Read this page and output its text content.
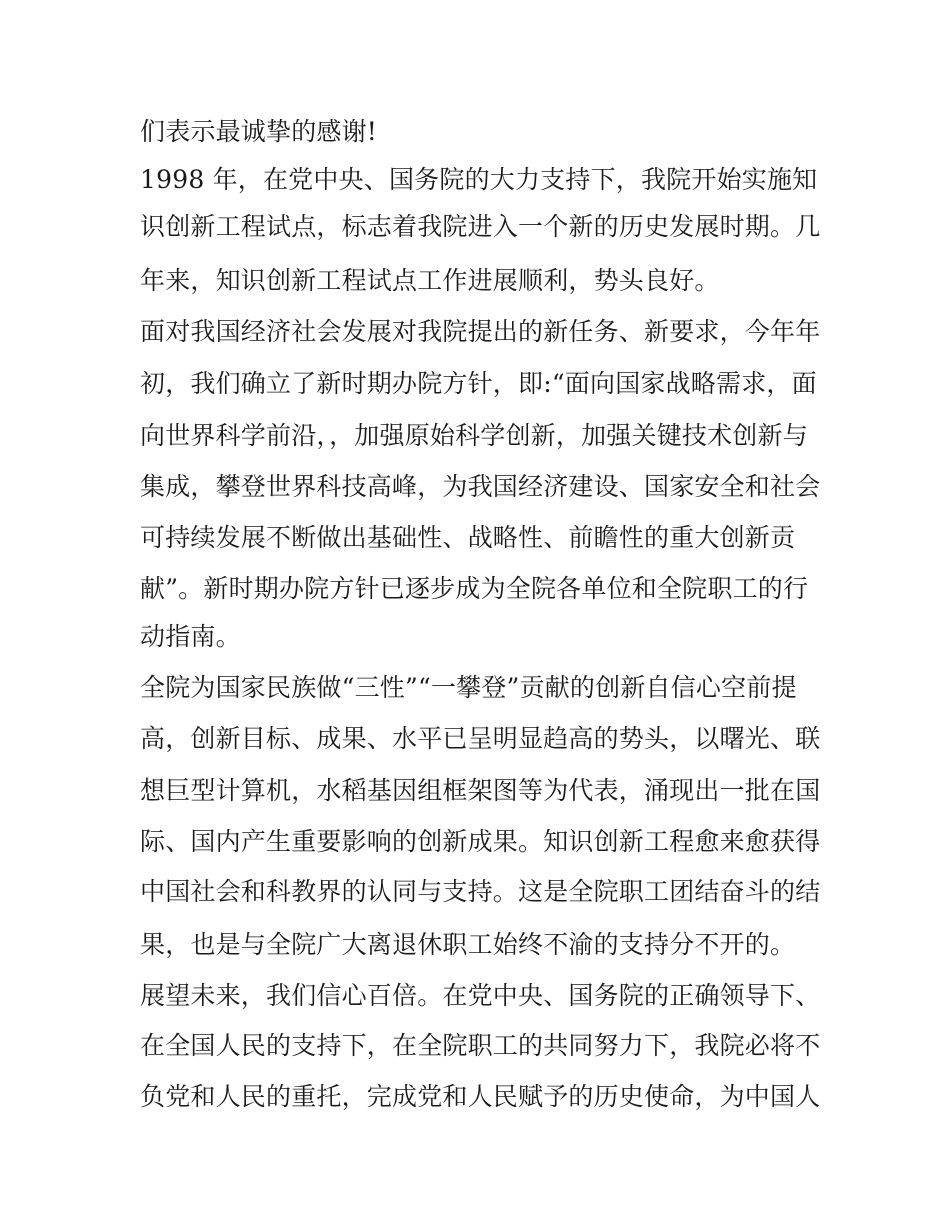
们表示最诚挚的感谢!
1998 年，在党中央、国务院的大力支持下，我院开始实施知
识创新工程试点，标志着我院进入一个新的历史发展时期。几
年来，知识创新工程试点工作进展顺利，势头良好。
面对我国经济社会发展对我院提出的新任务、新要求，今年年
初，我们确立了新时期办院方针，即:“面向国家战略需求，面
向世界科学前沿，，加强原始科学创新，加强关键技术创新与
集成，攀登世界科技高峰，为我国经济建设、国家安全和社会
可持续发展不断做出基础性、战略性、前瞻性的重大创新贡
献”。新时期办院方针已逐步成为全院各单位和全院职工的行
动指南。
全院为国家民族做“三性”“一攀登”贡献的创新自信心空前提
高，创新目标、成果、水平已呈明显趋高的势头，以曙光、联
想巨型计算机，水稻基因组框架图等为代表，涌现出一批在国
际、国内产生重要影响的创新成果。知识创新工程愈来愈获得
中国社会和科教界的认同与支持。这是全院职工团结奋斗的结
果，也是与全院广大离退休职工始终不渝的支持分不开的。
展望未来，我们信心百倍。在党中央、国务院的正确领导下、
在全国人民的支持下，在全院职工的共同努力下，我院必将不
负党和人民的重托，完成党和人民赋予的历史使命，为中国人
